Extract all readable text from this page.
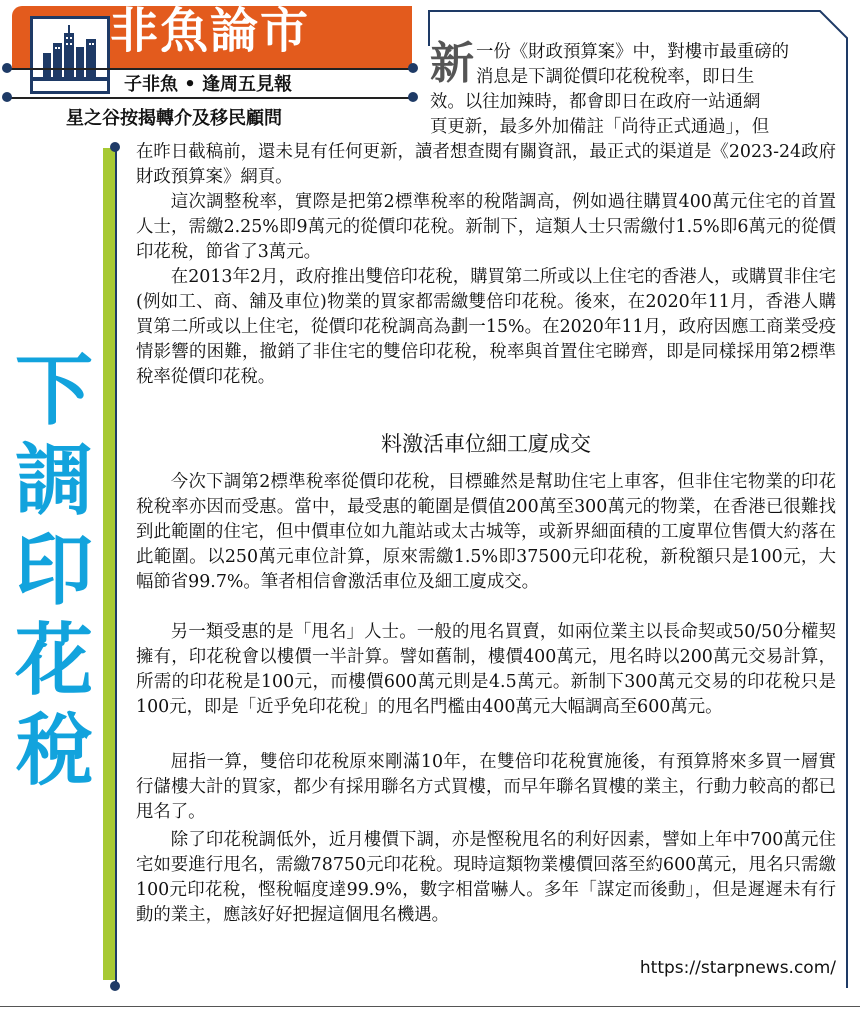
非魚論市
子非魚 • 逢周五見報
星之谷按揭轉介及移民顧問
下
調
印
花
稅
新 一份《財政預算案》中，對樓市最重磅的

消息是下調從價印花稅稅率，即日生

效。以往加辣時，都會即日在政府一站通網

頁更新，最多外加備註「尚待正式通過」，但

在昨日截稿前，還未見有任何更新，讀者想查閱有關資訊，最正式的渠道是《2023-24政府財政預算案》網頁。

這次調整稅率，實際是把第2標準稅率的稅階調高，例如過往購買400萬元住宅的首置人士，需繳2.25%即9萬元的從價印花稅。新制下，這類人士只需繳付1.5%即6萬元的從價印花稅，節省了3萬元。

在2013年2月，政府推出雙倍印花稅，購買第二所或以上住宅的香港人，或購買非住宅(例如工、商、舖及車位)物業的買家都需繳雙倍印花稅。後來，在2020年11月，香港人購買第二所或以上住宅，從價印花稅調高為劃一15%。在2020年11月，政府因應工商業受疫情影響的困難，撤銷了非住宅的雙倍印花稅，稅率與首置住宅睇齊，即是同樣採用第2標準稅率從價印花稅。

料激活車位細工廈成交

今次下調第2標準稅率從價印花稅，目標雖然是幫助住宅上車客，但非住宅物業的印花稅稅率亦因而受惠。當中，最受惠的範圍是價值200萬至300萬元的物業，在香港已很難找到此範圍的住宅，但中價車位如九龍站或太古城等，或新界細面積的工廈單位售價大約落在此範圍。以250萬元車位計算，原來需繳1.5%即37500元印花稅，新稅額只是100元，大幅節省99.7%。筆者相信會激活車位及細工廈成交。

另一類受惠的是「甩名」人士。一般的甩名買賣，如兩位業主以長命契或50/50分權契擁有，印花稅會以樓價一半計算。譬如舊制，樓價400萬元，甩名時以200萬元交易計算，所需的印花稅是100元，而樓價600萬元則是4.5萬元。新制下300萬元交易的印花稅只是100元，即是「近乎免印花稅」的甩名門檻由400萬元大幅調高至600萬元。

屈指一算，雙倍印花稅原來剛滿10年，在雙倍印花稅實施後，有預算將來多買一層實行儲樓大計的買家，都少有採用聯名方式買樓，而早年聯名買樓的業主，行動力較高的都已甩名了。

除了印花稅調低外，近月樓價下調，亦是慳稅甩名的利好因素，譬如上年中700萬元住宅如要進行甩名，需繳78750元印花稅。現時這類物業樓價回落至約600萬元，甩名只需繳100元印花稅，慳稅幅度達99.9%，數字相當嚇人。多年「謀定而後動」，但是遲遲未有行動的業主，應該好好把握這個甩名機遇。

https://starpnews.com/
